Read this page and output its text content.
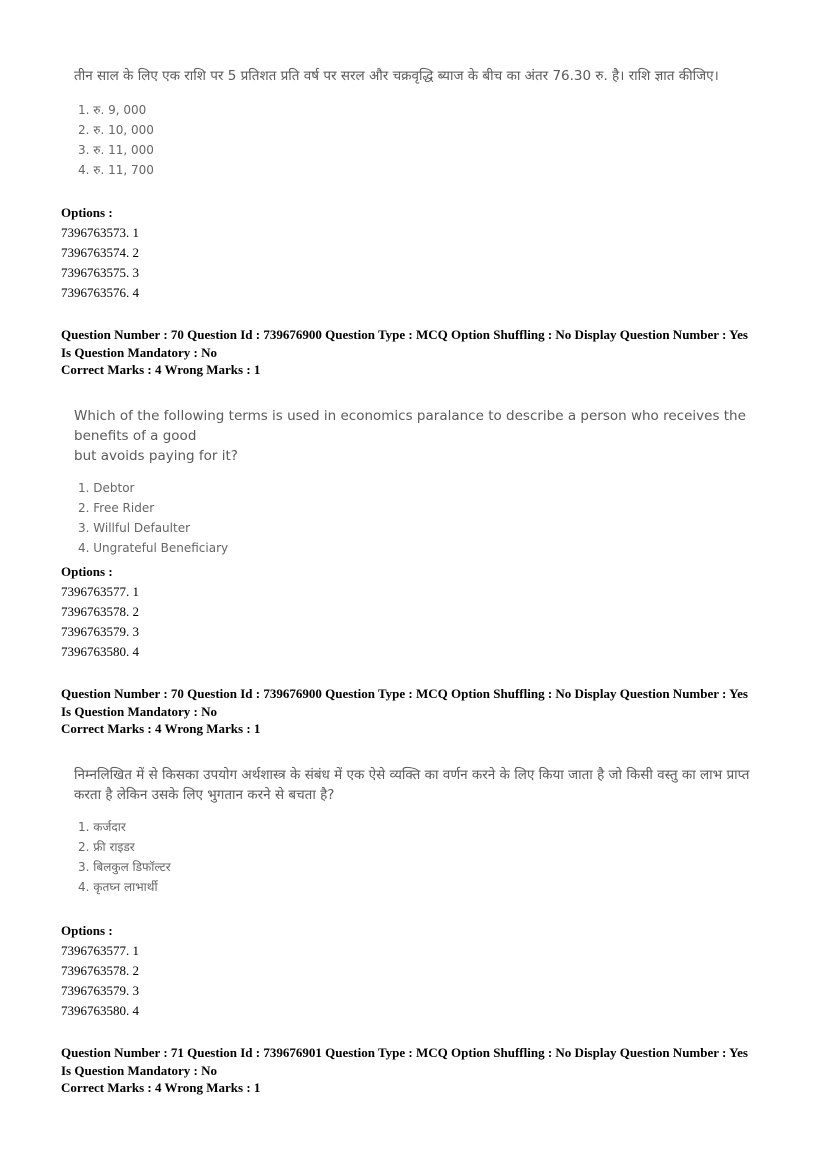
तीन साल के लिए एक राशि पर 5 प्रतिशत प्रति वर्ष पर सरल और चक्रवृद्धि ब्याज के बीच का अंतर 76.30 रु. है। राशि ज्ञात कीजिए।

1. रु. 9, 000
2. रु. 10, 000
3. रु. 11, 000
4. रु. 11, 700
Options :
7396763573. 1
7396763574. 2
7396763575. 3
7396763576. 4
Question Number : 70 Question Id : 739676900 Question Type : MCQ Option Shuffling : No Display Question Number : Yes
Is Question Mandatory : No
Correct Marks : 4 Wrong Marks : 1

Which of the following terms is used in economics paralance to describe a person who receives the benefits of a good

but avoids paying for it?

1. Debtor
2. Free Rider
3. Willful Defaulter
4. Ungrateful Beneficiary
Options :
7396763577. 1
7396763578. 2
7396763579. 3
7396763580. 4
Question Number : 70 Question Id : 739676900 Question Type : MCQ Option Shuffling : No Display Question Number : Yes
Is Question Mandatory : No
Correct Marks : 4 Wrong Marks : 1

निम्नलिखित में से किसका उपयोग अर्थशास्त्र के संबंध में एक ऐसे व्यक्ति का वर्णन करने के लिए किया जाता है जो किसी वस्तु का लाभ प्राप्त

करता है लेकिन उसके लिए भुगतान करने से बचता है?

1. कर्जदार
2. फ्री राइडर
3. बिलकुल डिफॉल्टर
4. कृतघ्न लाभार्थी
Options :
7396763577. 1
7396763578. 2
7396763579. 3
7396763580. 4
Question Number : 71 Question Id : 739676901 Question Type : MCQ Option Shuffling : No Display Question Number : Yes
Is Question Mandatory : No
Correct Marks : 4 Wrong Marks : 1
